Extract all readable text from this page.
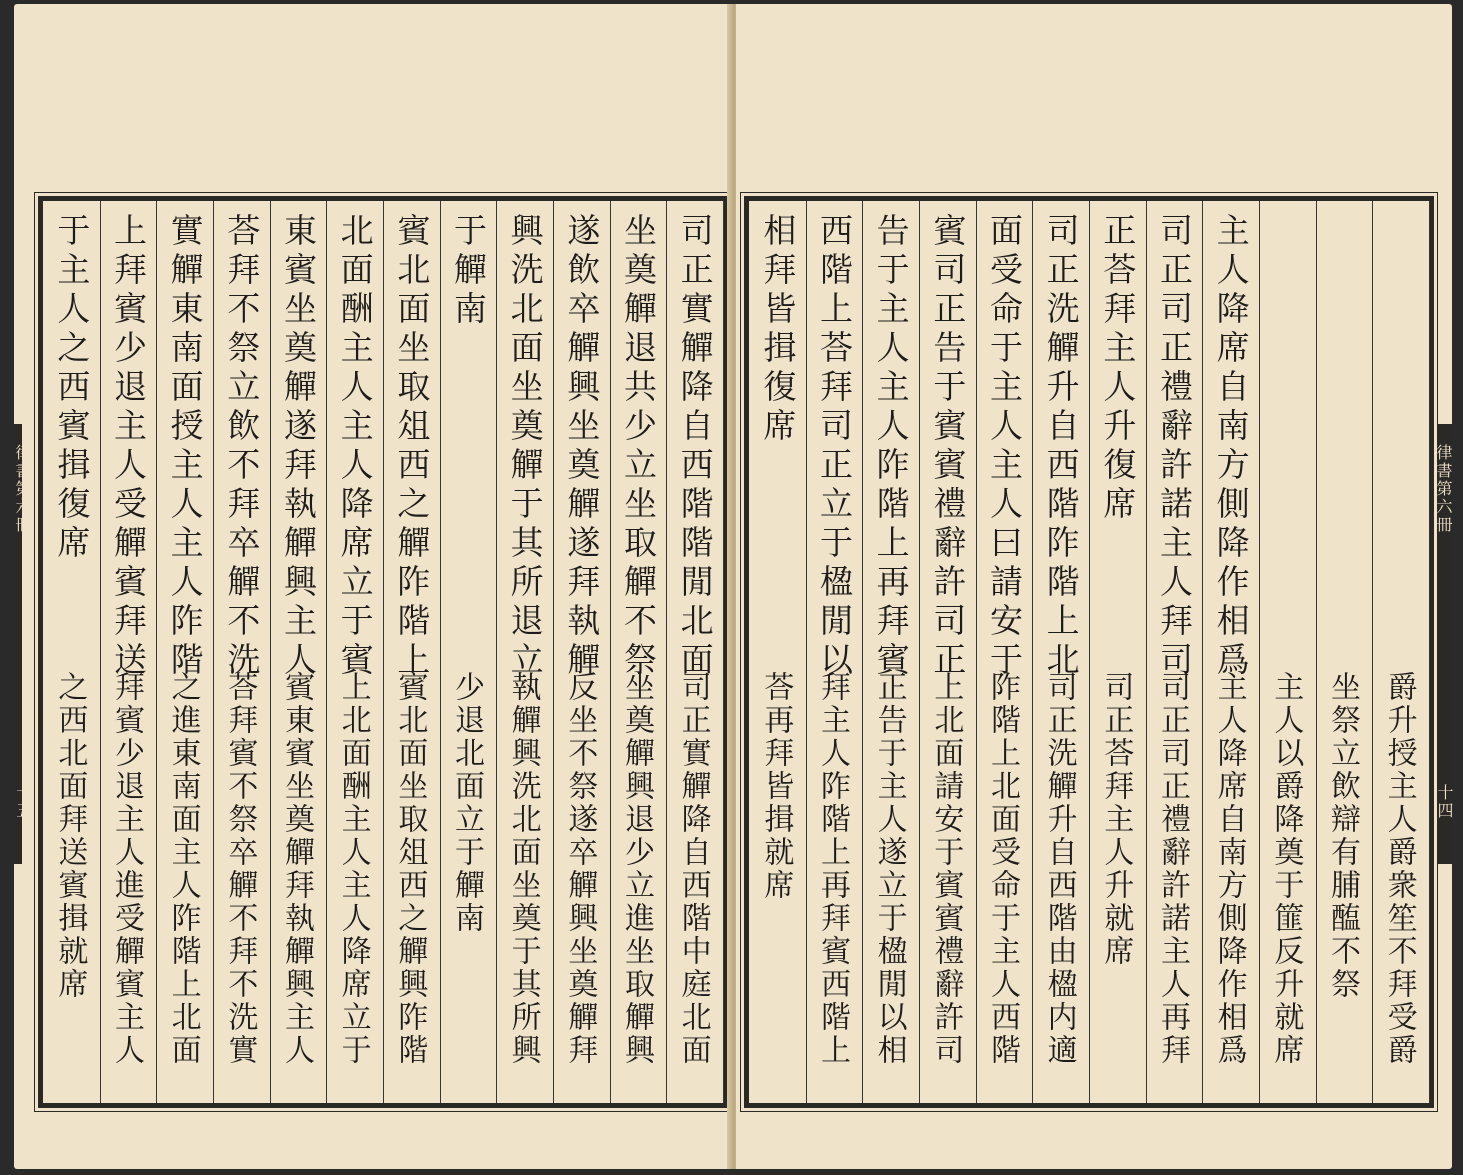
司正實觶降自西階階閒北面
司正實觶降自西階中庭北面
坐奠觶退共少立坐取觶不祭
坐奠觶興退少立進坐取觶興
遂飲卒觶興坐奠觶遂拜執觶
反坐不祭遂卒觶興坐奠觶拜
興洗北面坐奠觶于其所退立
執觶興洗北面坐奠于其所興
于觶南
少退北面立于觶南
賓北面坐取俎西之觶阼階上
賓北面坐取俎西之觶興阼階
北面酬主人主人降席立于賓
上北面酬主人主人降席立于
東賓坐奠觶遂拜執觶興主人
賓東賓坐奠觶拜執觶興主人
荅拜不祭立飲不拜卒觶不洗
荅拜賓不祭卒觶不拜不洗實
實觶東南面授主人主人阼階
之進東南面主人阼階上北面
上拜賓少退主人受觶賓拜送
拜賓少退主人進受觶賓主人
于主人之西賓揖復席
之西北面拜送賓揖就席
律書第六冊
十五	爵升授主人爵衆笙不拜受爵
坐祭立飲辯有脯醢不祭
主人以爵降奠于篚反升就席
主人降席自南方側降作相爲
主人降席自南方側降作相爲
司正司正禮辭許諾主人拜司
司正司正禮辭許諾主人再拜
正荅拜主人升復席
司正荅拜主人升就席
司正洗觶升自西階阼階上北
司正洗觶升自西階由楹内適
面受命于主人主人曰請安于
阼階上北面受命于主人西階
賓司正告于賓賓禮辭許司正
上北面請安于賓賓禮辭許司
告于主人主人阼階上再拜賓
正告于主人遂立于楹閒以相
西階上荅拜司正立于楹閒以
拜主人阼階上再拜賓西階上
相拜皆揖復席
荅再拜皆揖就席
律書第六冊
十四
